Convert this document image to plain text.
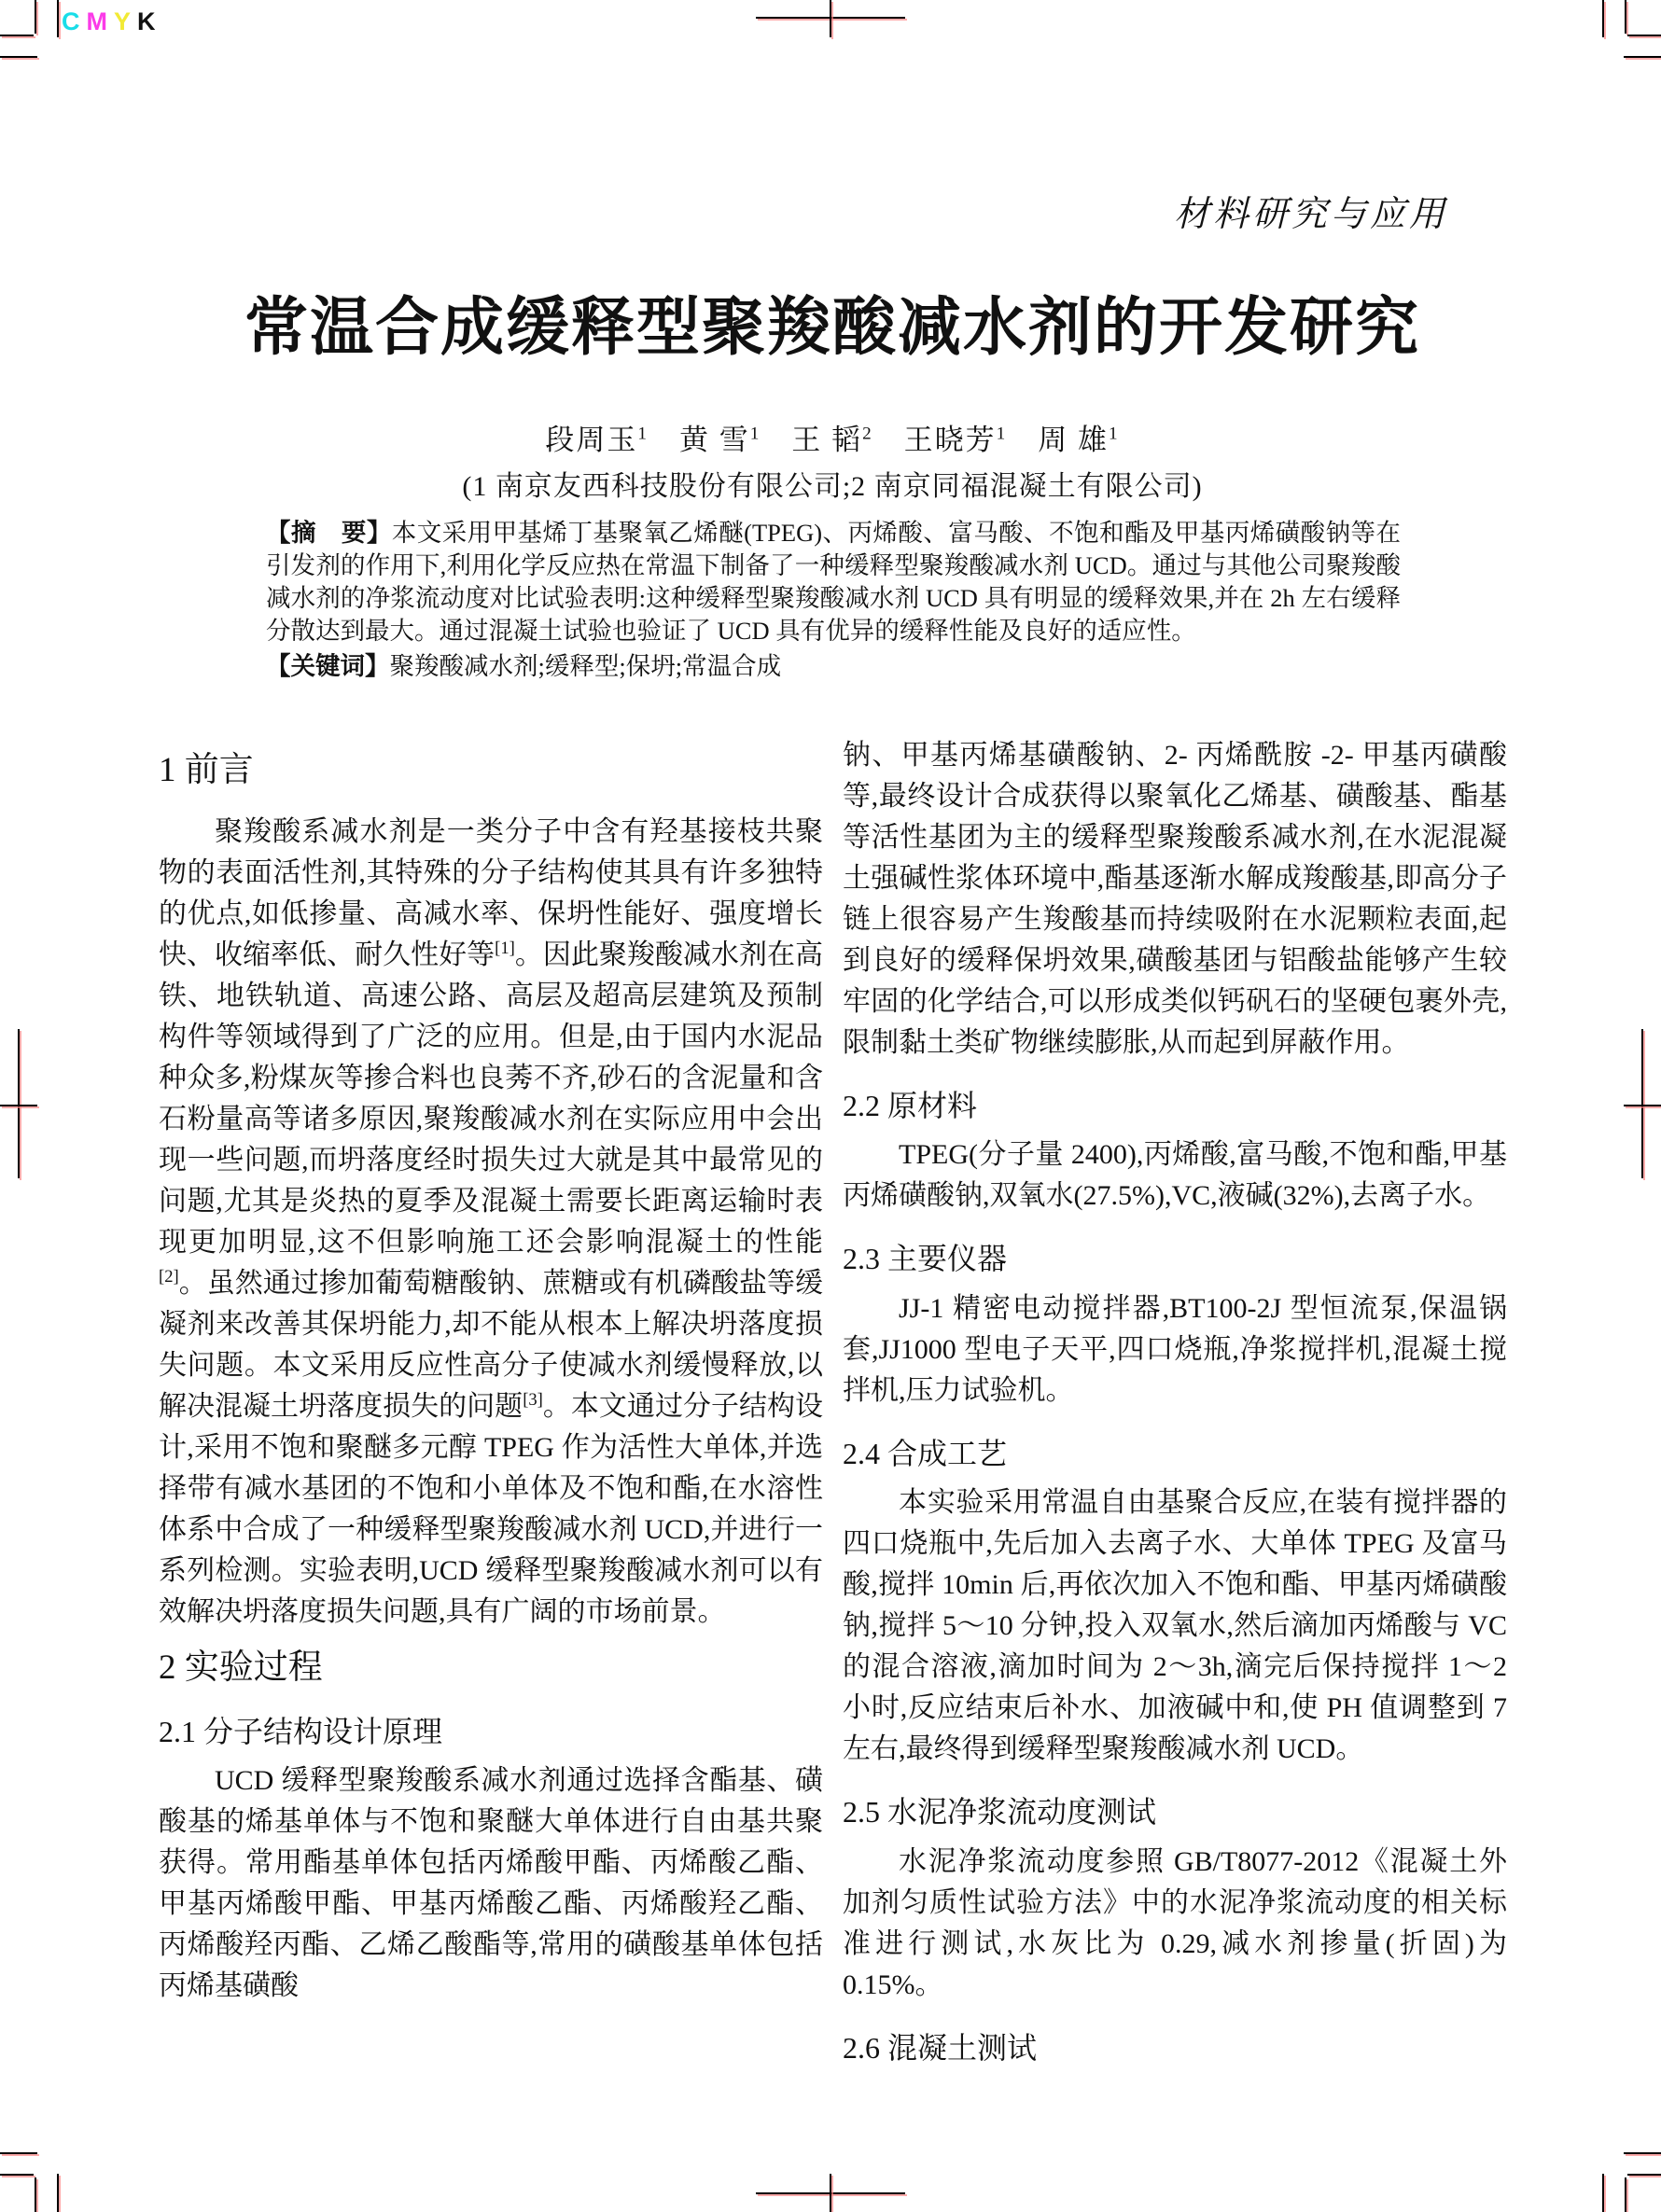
CMYK
材料研究与应用
常温合成缓释型聚羧酸减水剂的开发研究
段周玉$^1$　黄 雪$^1$　王 韬$^2$　王晓芳$^1$　周 雄$^1$
(1 南京友西科技股份有限公司;2 南京同福混凝土有限公司)

【摘　要】本文采用甲基烯丁基聚氧乙烯醚(TPEG)、丙烯酸、富马酸、不饱和酯及甲基丙烯磺酸钠等在引发剂的作用下,利用化学反应热在常温下制备了一种缓释型聚羧酸减水剂 UCD。通过与其他公司聚羧酸减水剂的净浆流动度对比试验表明:这种缓释型聚羧酸减水剂 UCD 具有明显的缓释效果,并在 2h 左右缓释分散达到最大。通过混凝土试验也验证了 UCD 具有优异的缓释性能及良好的适应性。

【关键词】聚羧酸减水剂;缓释型;保坍;常温合成

1 前言

聚羧酸系减水剂是一类分子中含有羟基接枝共聚物的表面活性剂,其特殊的分子结构使其具有许多独特的优点,如低掺量、高减水率、保坍性能好、强度增长快、收缩率低、耐久性好等[1]。因此聚羧酸减水剂在高铁、地铁轨道、高速公路、高层及超高层建筑及预制构件等领域得到了广泛的应用。但是,由于国内水泥品种众多,粉煤灰等掺合料也良莠不齐,砂石的含泥量和含石粉量高等诸多原因,聚羧酸减水剂在实际应用中会出现一些问题,而坍落度经时损失过大就是其中最常见的问题,尤其是炎热的夏季及混凝土需要长距离运输时表现更加明显,这不但影响施工还会影响混凝土的性能[2]。虽然通过掺加葡萄糖酸钠、蔗糖或有机磷酸盐等缓凝剂来改善其保坍能力,却不能从根本上解决坍落度损失问题。本文采用反应性高分子使减水剂缓慢释放,以解决混凝土坍落度损失的问题[3]。本文通过分子结构设计,采用不饱和聚醚多元醇 TPEG 作为活性大单体,并选择带有减水基团的不饱和小单体及不饱和酯,在水溶性体系中合成了一种缓释型聚羧酸减水剂 UCD,并进行一系列检测。实验表明,UCD 缓释型聚羧酸减水剂可以有效解决坍落度损失问题,具有广阔的市场前景。

2 实验过程
2.1 分子结构设计原理

UCD 缓释型聚羧酸系减水剂通过选择含酯基、磺酸基的烯基单体与不饱和聚醚大单体进行自由基共聚获得。常用酯基单体包括丙烯酸甲酯、丙烯酸乙酯、甲基丙烯酸甲酯、甲基丙烯酸乙酯、丙烯酸羟乙酯、丙烯酸羟丙酯、乙烯乙酸酯等,常用的磺酸基单体包括丙烯基磺酸

钠、甲基丙烯基磺酸钠、2- 丙烯酰胺 -2- 甲基丙磺酸等,最终设计合成获得以聚氧化乙烯基、磺酸基、酯基等活性基团为主的缓释型聚羧酸系减水剂,在水泥混凝土强碱性浆体环境中,酯基逐渐水解成羧酸基,即高分子链上很容易产生羧酸基而持续吸附在水泥颗粒表面,起到良好的缓释保坍效果,磺酸基团与铝酸盐能够产生较牢固的化学结合,可以形成类似钙矾石的坚硬包裹外壳,限制黏土类矿物继续膨胀,从而起到屏蔽作用。

2.2 原材料

TPEG(分子量 2400),丙烯酸,富马酸,不饱和酯,甲基丙烯磺酸钠,双氧水(27.5%),VC,液碱(32%),去离子水。

2.3 主要仪器

JJ-1 精密电动搅拌器,BT100-2J 型恒流泵,保温锅套,JJ1000 型电子天平,四口烧瓶,净浆搅拌机,混凝土搅拌机,压力试验机。

2.4 合成工艺

本实验采用常温自由基聚合反应,在装有搅拌器的四口烧瓶中,先后加入去离子水、大单体 TPEG 及富马酸,搅拌 10min 后,再依次加入不饱和酯、甲基丙烯磺酸钠,搅拌 5～10 分钟,投入双氧水,然后滴加丙烯酸与 VC 的混合溶液,滴加时间为 2～3h,滴完后保持搅拌 1～2 小时,反应结束后补水、加液碱中和,使 PH 值调整到 7 左右,最终得到缓释型聚羧酸减水剂 UCD。

2.5 水泥净浆流动度测试

水泥净浆流动度参照 GB/T8077-2012《混凝土外加剂匀质性试验方法》中的水泥净浆流动度的相关标准进行测试,水灰比为 0.29,减水剂掺量(折固)为 0.15%。

2.6 混凝土测试
